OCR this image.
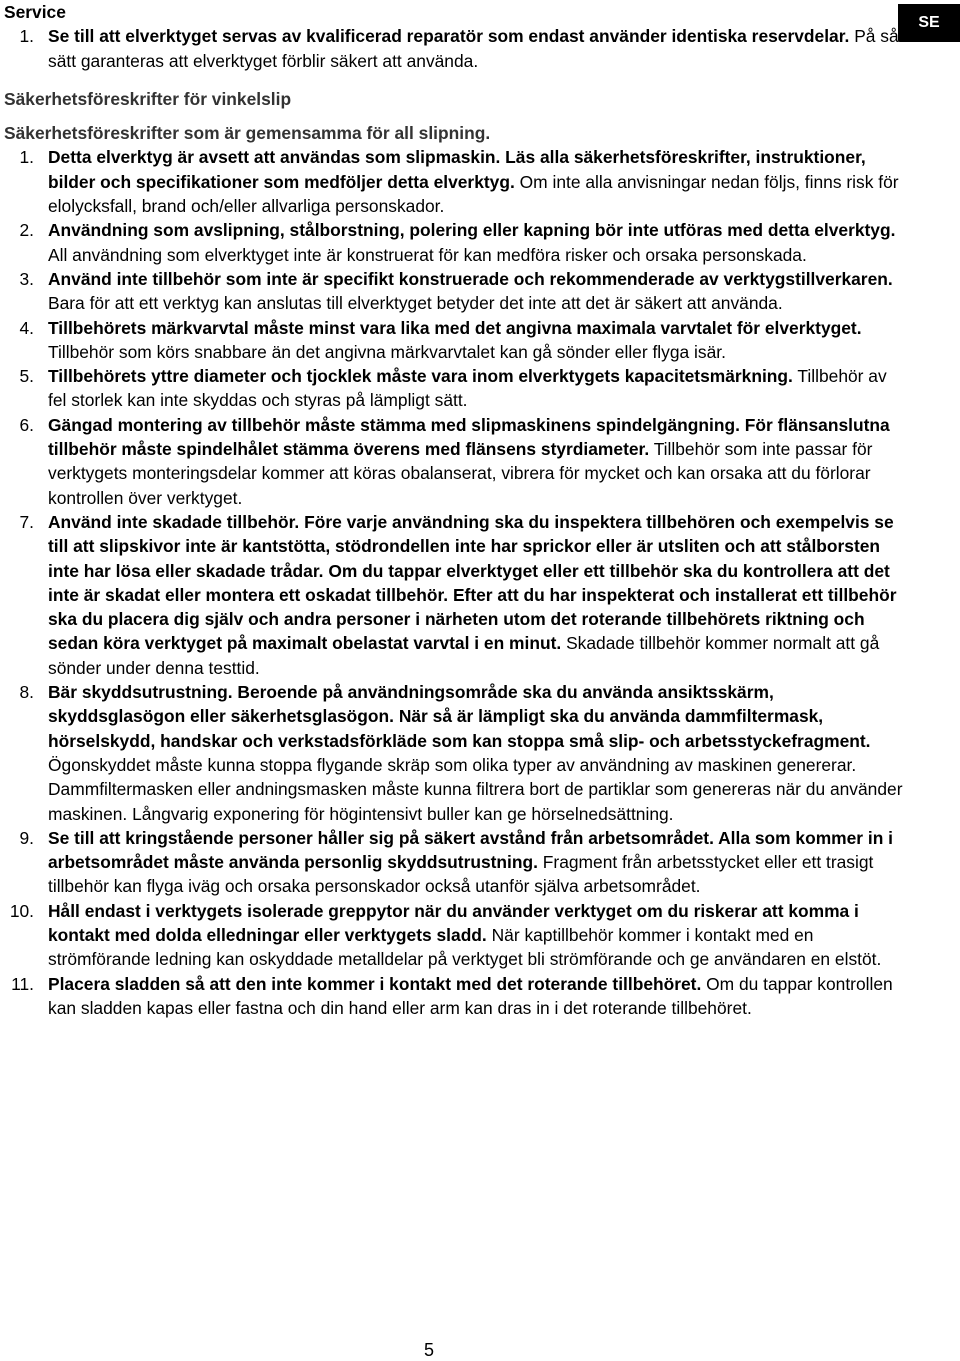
SE
Service
1. Se till att elverktyget servas av kvalificerad reparatör som endast använder identiska reservdelar. På så sätt garanteras att elverktyget förblir säkert att använda.
Säkerhetsföreskrifter för vinkelslip
Säkerhetsföreskrifter som är gemensamma för all slipning.
1. Detta elverktyg är avsett att användas som slipmaskin. Läs alla säkerhetsföreskrifter, instruktioner, bilder och specifikationer som medföljer detta elverktyg. Om inte alla anvisningar nedan följs, finns risk för elolycksfall, brand och/eller allvarliga personskador.
2. Användning som avslipning, stålborstning, polering eller kapning bör inte utföras med detta elverktyg. All användning som elverktyget inte är konstruerat för kan medföra risker och orsaka personskada.
3. Använd inte tillbehör som inte är specifikt konstruerade och rekommenderade av verktygstillverkaren. Bara för att ett verktyg kan anslutas till elverktyget betyder det inte att det är säkert att använda.
4. Tillbehörets märkvarvtal måste minst vara lika med det angivna maximala varvtalet för elverktyget. Tillbehör som körs snabbare än det angivna märkvarvtalet kan gå sönder eller flyga isär.
5. Tillbehörets yttre diameter och tjocklek måste vara inom elverktygets kapacitetsmärkning. Tillbehör av fel storlek kan inte skyddas och styras på lämpligt sätt.
6. Gängad montering av tillbehör måste stämma med slipmaskinens spindelgängning. För flänsanslutna tillbehör måste spindelhålet stämma överens med flänsens styrdiameter. Tillbehör som inte passar för verktygets monteringsdelar kommer att köras obalanserat, vibrera för mycket och kan orsaka att du förlorar kontrollen över verktyget.
7. Använd inte skadade tillbehör. Före varje användning ska du inspektera tillbehören och exempelvis se till att slipskivor inte är kantstötta, stödrondellen inte har sprickor eller är utsliten och att stålborsten inte har lösa eller skadade trådar. Om du tappar elverktyget eller ett tillbehör ska du kontrollera att det inte är skadat eller montera ett oskadat tillbehör. Efter att du har inspekterat och installerat ett tillbehör ska du placera dig själv och andra personer i närheten utom det roterande tillbehörets riktning och sedan köra verktyget på maximalt obelastat varvtal i en minut. Skadade tillbehör kommer normalt att gå sönder under denna testtid.
8. Bär skyddsutrustning. Beroende på användningsområde ska du använda ansiktsskärm, skyddsglasögon eller säkerhetsglasögon. När så är lämpligt ska du använda dammfiltermask, hörselskydd, handskar och verkstadsförkläde som kan stoppa små slip- och arbetsstyckefragment. Ögonskyddet måste kunna stoppa flygande skräp som olika typer av användning av maskinen genererar. Dammfiltermasken eller andningsmasken måste kunna filtrera bort de partiklar som genereras när du använder maskinen. Långvarig exponering för högintensivt buller kan ge hörselnedsättning.
9. Se till att kringstående personer håller sig på säkert avstånd från arbetsområdet. Alla som kommer in i arbetsområdet måste använda personlig skyddsutrustning. Fragment från arbetsstycket eller ett trasigt tillbehör kan flyga iväg och orsaka personskador också utanför själva arbetsområdet.
10. Håll endast i verktygets isolerade greppytor när du använder verktyget om du riskerar att komma i kontakt med dolda elledningar eller verktygets sladd. När kaptillbehör kommer i kontakt med en strömförande ledning kan oskyddade metalldelar på verktyget bli strömförande och ge användaren en elstöt.
11. Placera sladden så att den inte kommer i kontakt med det roterande tillbehöret. Om du tappar kontrollen kan sladden kapas eller fastna och din hand eller arm kan dras in i det roterande tillbehöret.
5
